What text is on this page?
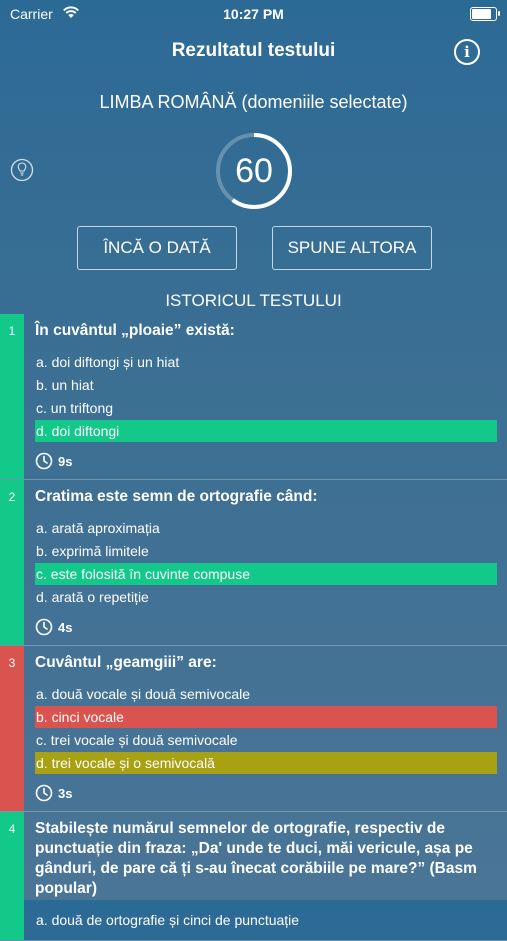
Carrier	10:27 PM
Rezultatul testului	i
LIMBA ROMÂNĂ (domeniile selectate)
60
ÎNCĂ O DATĂ	SPUNE ALTORA
ISTORICUL TESTULUI
1	În cuvântul „ploaie” există:
a. doi diftongi și un hiat
b. un hiat
c. un triftong
d. doi diftongi
9s
2	Cratima este semn de ortografie când:
a. arată aproximația
b. exprimă limitele
c. este folosită în cuvinte compuse
d. arată o repetiție
4s
3	Cuvântul „geamgiii” are:
a. două vocale și două semivocale
b. cinci vocale
c. trei vocale și două semivocale
d. trei vocale și o semivocală
3s
4	Stabilește numărul semnelor de ortografie, respectiv de punctuație din fraza: „Da' unde te duci, măi vericule, așa pe gânduri, de pare că ți s-au înecat corăbiile pe mare?” (Basm popular)
a. două de ortografie și cinci de punctuație
